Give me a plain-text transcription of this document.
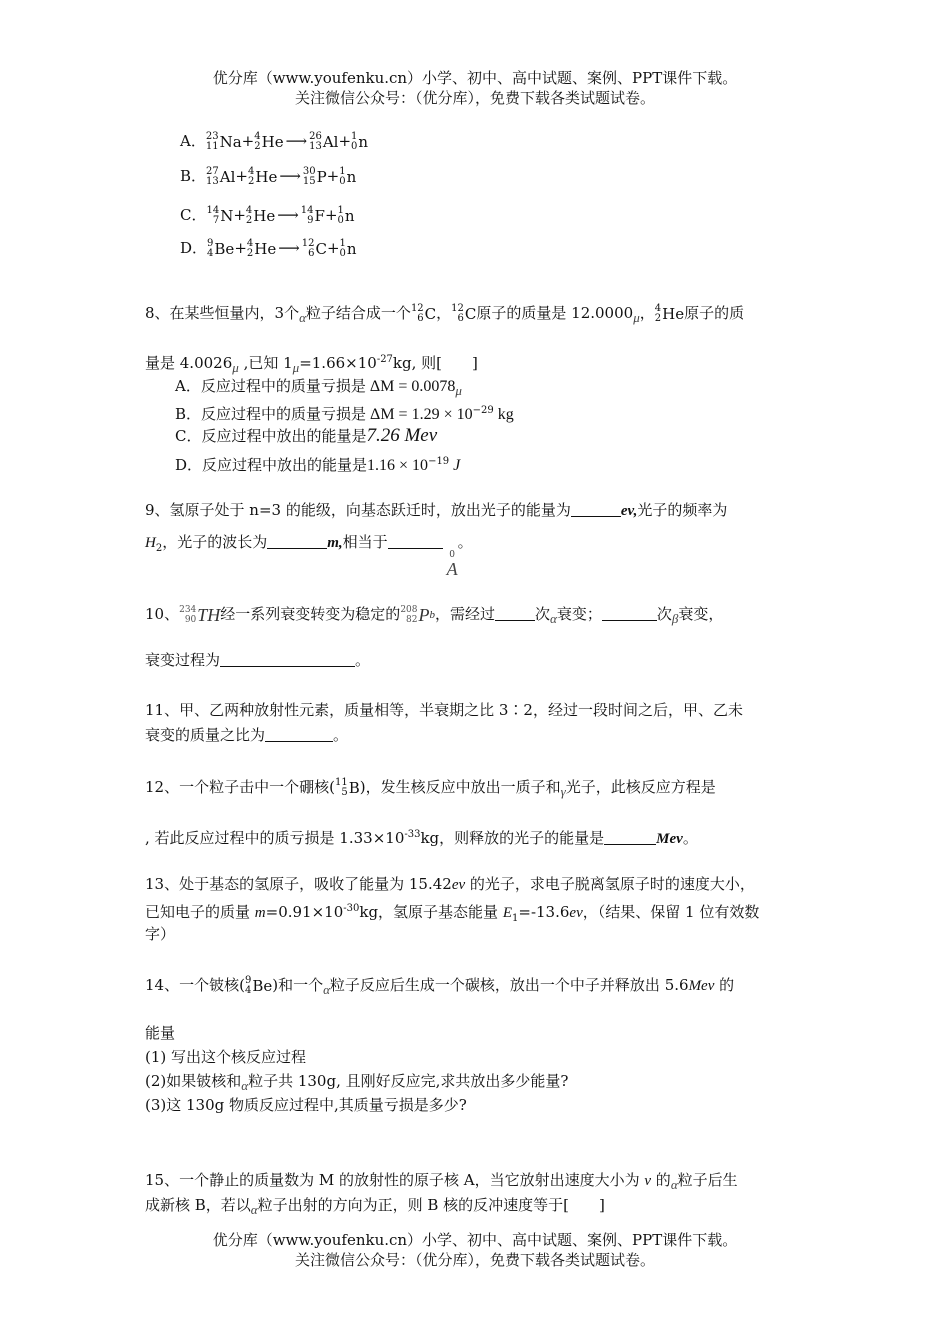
优分库（www.youfenku.cn）小学、初中、高中试题、案例、PPT课件下载。
关注微信公众号：（优分库），免费下载各类试题试卷。
A． 23
11 Na + 4
2 He ⟶ 26
13 Al + 1
0 n
B． 27
13 Al + 4
2 He ⟶ 30
15 P + 1
0 n
C． 14
7 N + 4
2 He ⟶ 14
9 F + 1
0 n
D． 9
4 Be + 4
2 He ⟶ 12
6 C + 1
0 n
8、在某些恒量内，3个α粒子结合成一个 12
6 C ， 12
6 C 原子的质量是 12.0000μ， 4
2 He 原子的质
量是 4.0026μ ,已知 $1\mu=1.66\times 10^{-27}kg$, 则[　　]
A．反应过程中的质量亏损是 ΔM = 0.0078μ
B．反应过程中的质量亏损是 $\Delta M = 1.29 \times 10^{-29}$ kg
C．反应过程中放出的能量是7.26 Mev
D．反应过程中放出的能量是$1.16 \times 10^{-19}$ J
9、氢原子处于 n=3 的能级，向基态跃迁时，放出光子的能量为	ev,光子的频率为
$H_2$，光子的波长为	m,相当于
0
A
。
10、 234
90 TH 经一系列衰变转变为稳定的 208
82 P b ，需经过	次α衰变；	次β衰变，
衰变过程为	。
11、甲、乙两种放射性元素，质量相等，半衰期之比 3∶2，经过一段时间之后，甲、乙未
衰变的质量之比为	。
12、一个粒子击中一个硼核( 11
5 B )，发生核反应中放出一质子和γ光子，此核反应方程是
, 若此反应过程中的质亏损是 $1.33\times 10^{-33}kg$，则释放的光子的能量是	Mev。
13、处于基态的氢原子，吸收了能量为 15.42ev 的光子，求电子脱离氢原子时的速度大小，
已知电子的质量 $m=0.91\times 10^{-30}kg$，氢原子基态能量 $E_1=-13.6ev$，（结果、保留 1 位有效数
字）
14、一个铍核( 9
4 Be )和一个α粒子反应后生成一个碳核，放出一个中子并释放出 5.6Mev 的
能量
(1) 写出这个核反应过程
(2)如果铍核和α粒子共 130g, 且刚好反应完,求共放出多少能量?
(3)这 130g 物质反应过程中,其质量亏损是多少?
15、一个静止的质量数为 M 的放射性的原子核 A，当它放射出速度大小为 v 的α粒子后生
成新核 B，若以α粒子出射的方向为正，则 B 核的反冲速度等于[　　]
优分库（www.youfenku.cn）小学、初中、高中试题、案例、PPT课件下载。
关注微信公众号：（优分库），免费下载各类试题试卷。
